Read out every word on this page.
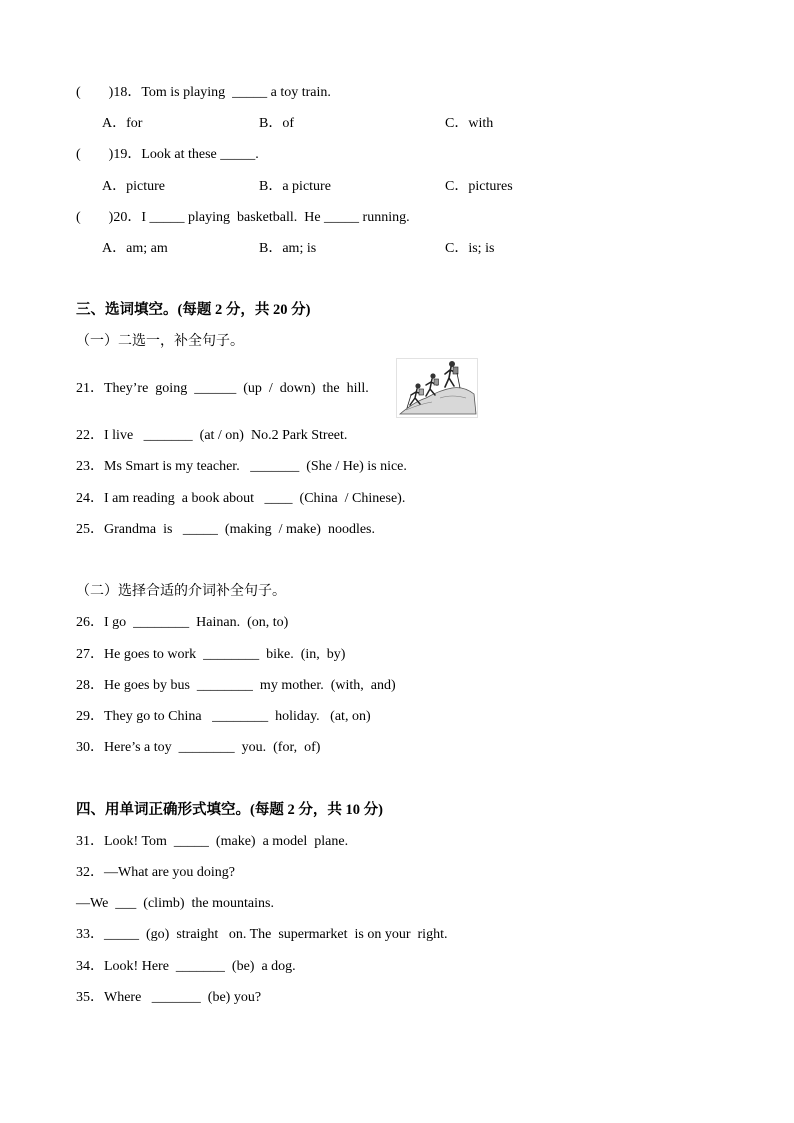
(        )18．Tom is playing  _____ a toy train.
A．for	B．of	C．with
(        )19．Look at these _____.
A．picture	B．a picture	C．pictures
(        )20．I _____ playing  basketball.  He _____ running.
A．am; am	B．am; is	C．is; is
三、选词填空。(每题 2 分，共 20 分)
（一）二选一，补全句子。
21．They’re  going  ______  (up  /  down)  the  hill.
22．I live   _______  (at / on)  No.2 Park Street.
23．Ms Smart is my teacher.   _______  (She / He) is nice.
24．I am reading  a book about   ____  (China  / Chinese).
25．Grandma  is   _____  (making  / make)  noodles.
（二）选择合适的介词补全句子。
26．I go  ________  Hainan.  (on, to)
27．He goes to work  ________  bike.  (in,  by)
28．He goes by bus  ________  my mother.  (with,  and)
29．They go to China   ________  holiday.   (at, on)
30．Here’s a toy  ________  you.  (for,  of)
四、用单词正确形式填空。(每题 2 分，共 10 分)
31．Look! Tom  _____  (make)  a model  plane.
32．—What are you doing?
—We  ___  (climb)  the mountains.
33．_____  (go)  straight   on. The  supermarket  is on your  right.
34．Look! Here  _______  (be)  a dog.
35．Where   _______  (be) you?
